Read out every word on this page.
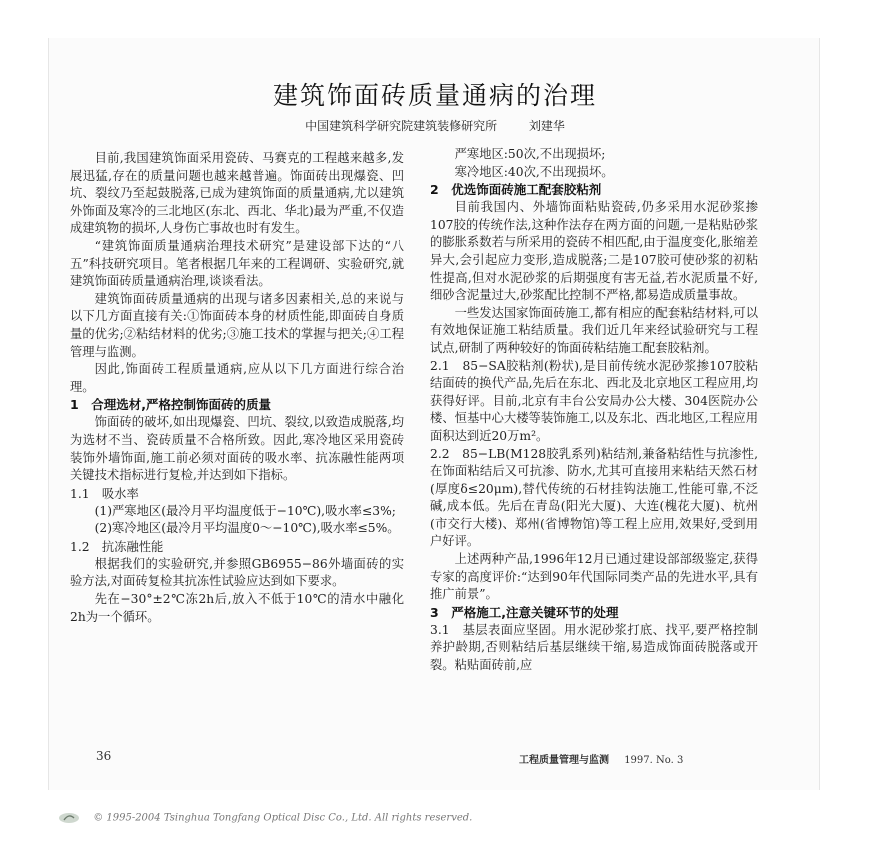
建筑饰面砖质量通病的治理
中国建筑科学研究院建筑装修研究所	刘建华

目前,我国建筑饰面采用瓷砖、马赛克的工程越来越多,发展迅猛,存在的质量问题也越来越普遍。饰面砖出现爆瓷、凹坑、裂纹乃至起鼓脱落,已成为建筑饰面的质量通病,尤以建筑外饰面及寒冷的三北地区(东北、西北、华北)最为严重,不仅造成建筑物的损坏,人身伤亡事故也时有发生。

“建筑饰面质量通病治理技术研究”是建设部下达的“八五”科技研究项目。笔者根据几年来的工程调研、实验研究,就建筑饰面砖质量通病治理,谈谈看法。

建筑饰面砖质量通病的出现与诸多因素相关,总的来说与以下几方面直接有关:①饰面砖本身的材质性能,即面砖自身质量的优劣;②粘结材料的优劣;③施工技术的掌握与把关;④工程管理与监测。

因此,饰面砖工程质量通病,应从以下几方面进行综合治理。

1　合理选材,严格控制饰面砖的质量

饰面砖的破坏,如出现爆瓷、凹坑、裂纹,以致造成脱落,均为选材不当、瓷砖质量不合格所致。因此,寒冷地区采用瓷砖装饰外墙饰面,施工前必须对面砖的吸水率、抗冻融性能两项关键技术指标进行复检,并达到如下指标。

1.1　吸水率

(1)严寒地区(最冷月平均温度低于−10℃),吸水率≤3%;

(2)寒冷地区(最冷月平均温度0～−10℃),吸水率≤5%。

1.2　抗冻融性能

根据我们的实验研究,并参照GB6955−86外墙面砖的实验方法,对面砖复检其抗冻性试验应达到如下要求。

先在−30°±2℃冻2h后,放入不低于10℃的清水中融化2h为一个循环。

严寒地区:50次,不出现损坏;

寒冷地区:40次,不出现损坏。

2　优选饰面砖施工配套胶粘剂

目前我国内、外墙饰面粘贴瓷砖,仍多采用水泥砂浆掺107胶的传统作法,这种作法存在两方面的问题,一是粘贴砂浆的膨胀系数若与所采用的瓷砖不相匹配,由于温度变化,胀缩差异大,会引起应力变形,造成脱落;二是107胶可使砂浆的初粘性提高,但对水泥砂浆的后期强度有害无益,若水泥质量不好,细砂含泥量过大,砂浆配比控制不严格,都易造成质量事故。

一些发达国家饰面砖施工,都有相应的配套粘结材料,可以有效地保证施工粘结质量。我们近几年来经试验研究与工程试点,研制了两种较好的饰面砖粘结施工配套胶粘剂。

2.1　85−SA胶粘剂(粉状),是目前传统水泥砂浆掺107胶粘结面砖的换代产品,先后在东北、西北及北京地区工程应用,均获得好评。目前,北京有丰台公安局办公大楼、304医院办公楼、恒基中心大楼等装饰施工,以及东北、西北地区,工程应用面积达到近20万m²。

2.2　85−LB(M128胶乳系列)粘结剂,兼备粘结性与抗渗性,在饰面粘结后又可抗渗、防水,尤其可直接用来粘结天然石材(厚度δ≤20μm),替代传统的石材挂钩法施工,性能可靠,不泛碱,成本低。先后在青岛(阳光大厦)、大连(槐花大厦)、杭州(市交行大楼)、郑州(省博物馆)等工程上应用,效果好,受到用户好评。

上述两种产品,1996年12月已通过建设部部级鉴定,获得专家的高度评价:“达到90年代国际同类产品的先进水平,具有推广前景”。

3　严格施工,注意关键环节的处理

3.1　基层表面应坚固。用水泥砂浆打底、找平,要严格控制养护龄期,否则粘结后基层继续干缩,易造成饰面砖脱落或开裂。粘贴面砖前,应

36	工程质量管理与监测 1997. No. 3
© 1995-2004 Tsinghua Tongfang Optical Disc Co., Ltd. All rights reserved.
